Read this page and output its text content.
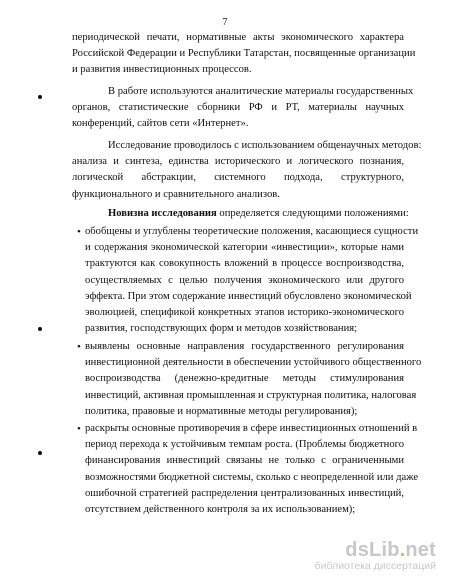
7
периодической печати, нормативные акты экономического характера
Российской Федерации и Республики Татарстан, посвященные организации
и развития инвестиционных процессов.
В работе используются аналитические материалы государственных
органов, статистические сборники РФ и РТ, материалы научных
конференций, сайтов сети «Интернет».
Исследование проводилось с использованием общенаучных методов:
анализа и синтеза, единства исторического и логического познания,
логической абстракции, системного подхода, структурного,
функционального и сравнительного анализов.
Новизна исследования определяется следующими положениями:
• обобщены и углублены теоретические положения, касающиеся сущности
и содержания экономической категории «инвестиции», которые нами
трактуются как совокупность вложений в процессе воспроизводства,
осуществляемых с целью получения экономического или другого
эффекта. При этом содержание инвестиций обусловлено экономической
эволюцией, спецификой конкретных этапов историко-экономического
развития, господствующих форм и методов хозяйствования;
• выявлены основные направления государственного регулирования
инвестиционной деятельности в обеспечении устойчивого общественного
воспроизводства (денежно-кредитные методы стимулирования
инвестиций, активная промышленная и структурная политика, налоговая
политика, правовые и нормативные методы регулирования);
• раскрыты основные противоречия в сфере инвестиционных отношений в
период перехода к устойчивым темпам роста. (Проблемы бюджетного
финансирования инвестиций связаны не только с ограниченными
возможностями бюджетной системы, сколько с неопределенной или даже
ошибочной стратегией распределения централизованных инвестиций,
отсутствием действенного контроля за их использованием);
dsLib.net
библиотека диссертаций
